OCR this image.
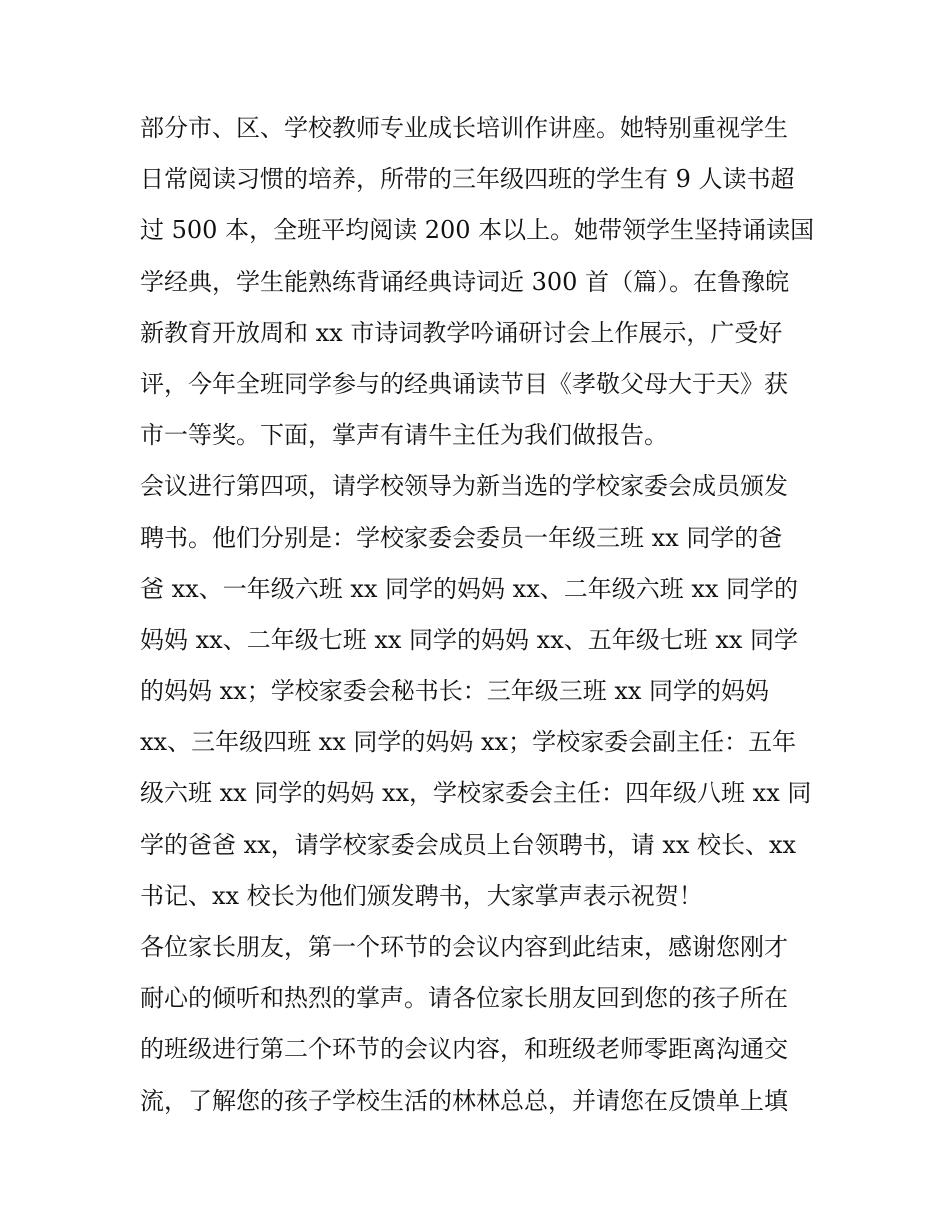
部分市、区、学校教师专业成长培训作讲座。她特别重视学生
日常阅读习惯的培养，所带的三年级四班的学生有 9 人读书超
过 500 本，全班平均阅读 200 本以上。她带领学生坚持诵读国
学经典，学生能熟练背诵经典诗词近 300 首（篇）。在鲁豫皖
新教育开放周和 xx 市诗词教学吟诵研讨会上作展示，广受好
评，今年全班同学参与的经典诵读节目《孝敬父母大于天》获
市一等奖。下面，掌声有请牛主任为我们做报告。
会议进行第四项，请学校领导为新当选的学校家委会成员颁发
聘书。他们分别是：学校家委会委员一年级三班 xx 同学的爸
爸 xx、一年级六班 xx 同学的妈妈 xx、二年级六班 xx 同学的
妈妈 xx、二年级七班 xx 同学的妈妈 xx、五年级七班 xx 同学
的妈妈 xx；学校家委会秘书长：三年级三班 xx 同学的妈妈
xx、三年级四班 xx 同学的妈妈 xx；学校家委会副主任：五年
级六班 xx 同学的妈妈 xx，学校家委会主任：四年级八班 xx 同
学的爸爸 xx，请学校家委会成员上台领聘书，请 xx 校长、xx
书记、xx 校长为他们颁发聘书，大家掌声表示祝贺！
各位家长朋友，第一个环节的会议内容到此结束，感谢您刚才
耐心的倾听和热烈的掌声。请各位家长朋友回到您的孩子所在
的班级进行第二个环节的会议内容，和班级老师零距离沟通交
流，了解您的孩子学校生活的林林总总，并请您在反馈单上填
